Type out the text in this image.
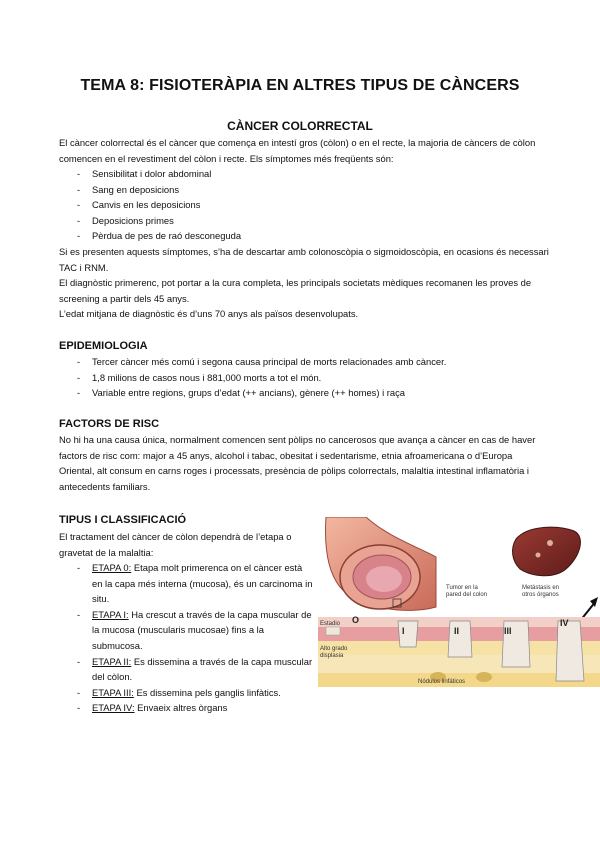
TEMA 8: FISIOTERÀPIA EN ALTRES TIPUS DE CÀNCERS
CÀNCER COLORRECTAL

El càncer colorrectal és el càncer que comença en intestí gros (còlon) o en el recte, la majoria de càncers de còlon comencen en el revestiment del còlon i recte. Els símptomes més freqüents són:

- Sensibilitat i dolor abdominal
- Sang en deposicions
- Canvis en les deposicions
- Deposicions primes
- Pèrdua de pes de raó desconeguda

Si es presenten aquests símptomes, s’ha de descartar amb colonoscòpia o sigmoidoscòpia, en ocasions és necessari TAC i RNM.

El diagnòstic primerenc, pot portar a la cura completa, les principals societats mèdiques recomanen les proves de screening a partir dels 45 anys.

L’edat mitjana de diagnòstic és d’uns 70 anys als països desenvolupats.

EPIDEMIOLOGIA
- Tercer càncer més comú i segona causa principal de morts relacionades amb càncer.
- 1,8 milions de casos nous i 881,000 morts a tot el món.
- Variable entre regions, grups d’edat (++ ancians), gènere (++ homes) i raça
FACTORS DE RISC

No hi ha una causa única, normalment comencen sent pòlips no cancerosos que avança a càncer en cas de haver factors de risc com: major a 45 anys, alcohol i tabac, obesitat i sedentarisme, etnia afroamericana o d’Europa Oriental, alt consum en carns roges i processats, presència de pòlips colorrectals, malaltia intestinal inflamatòria i antecedents familiars.

TIPUS I CLASSIFICACIÓ

El tractament del càncer de còlon dependrà de l’etapa o gravetat de la malaltia:

- ETAPA 0: Etapa molt primerenca on el càncer està en la capa més interna (mucosa), és un carcinoma in situ.
- ETAPA I: Ha crescut a través de la capa muscular de la mucosa (muscularis mucosae) fins a la submucosa.
- ETAPA II: Es dissemina a través de la capa muscular del còlon.
- ETAPA III: Es dissemina pels ganglis linfàtics.
- ETAPA IV: Envaeix altres òrgans
Tumor en la
pared del colon
Metástasis en
otros órganos
Estadio O
I	II	III
IV
Alto grado
displasia
Nódulos linfáticos
